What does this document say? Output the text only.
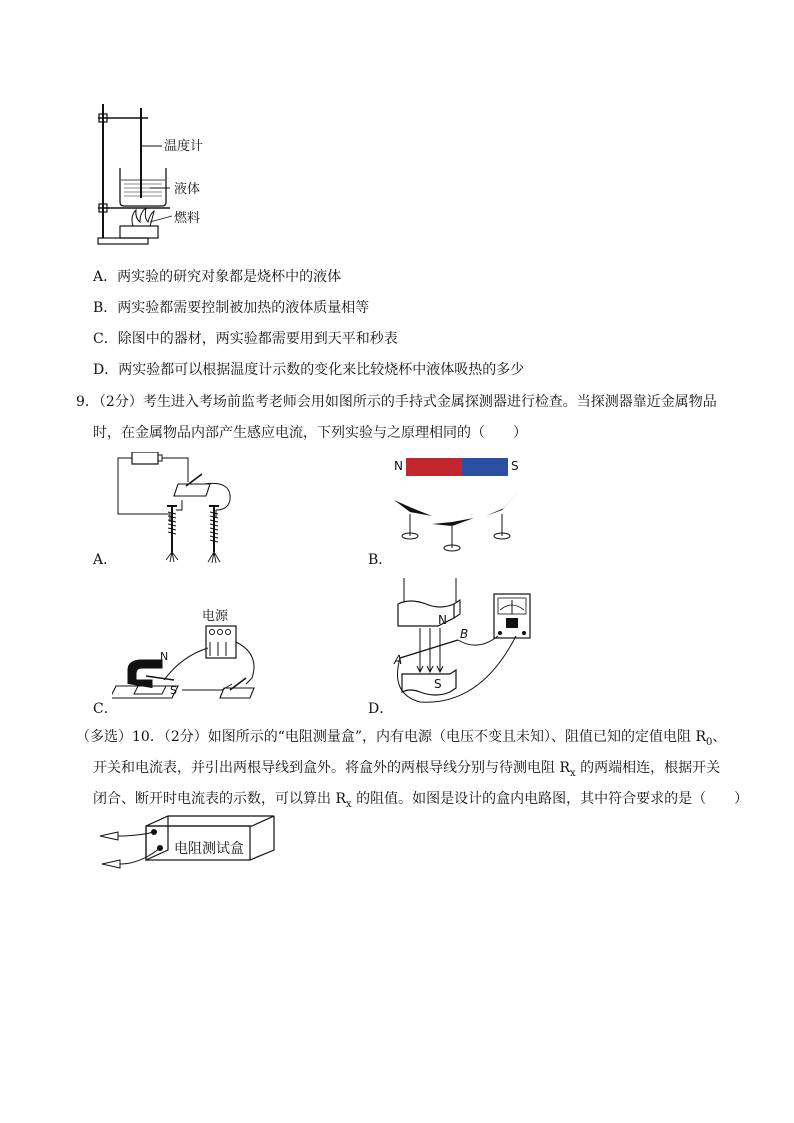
温度计
液体
燃料
A．两实验的研究对象都是烧杯中的液体
B．两实验都需要控制被加热的液体质量相等
C．除图中的器材，两实验都需要用到天平和秒表
D．两实验都可以根据温度计示数的变化来比较烧杯中液体吸热的多少
9．（2分）考生进入考场前监考老师会用如图所示的手持式金属探测器进行检查。当探测器靠近金属物品
时，在金属物品内部产生感应电流，下列实验与之原理相同的（　　）
A．
N	S
B．
电源
N
S
C．
N
A
B
S
D．
（多选）10．（2分）如图所示的“电阻测量盒”，内有电源（电压不变且未知）、阻值已知的定值电阻 $R_0$、
开关和电流表，并引出两根导线到盒外。将盒外的两根导线分别与待测电阻 $R_x$ 的两端相连，根据开关
闭合、断开时电流表的示数，可以算出 $R_x$ 的阻值。如图是设计的盒内电路图，其中符合要求的是（　　）
电阻测试盒
